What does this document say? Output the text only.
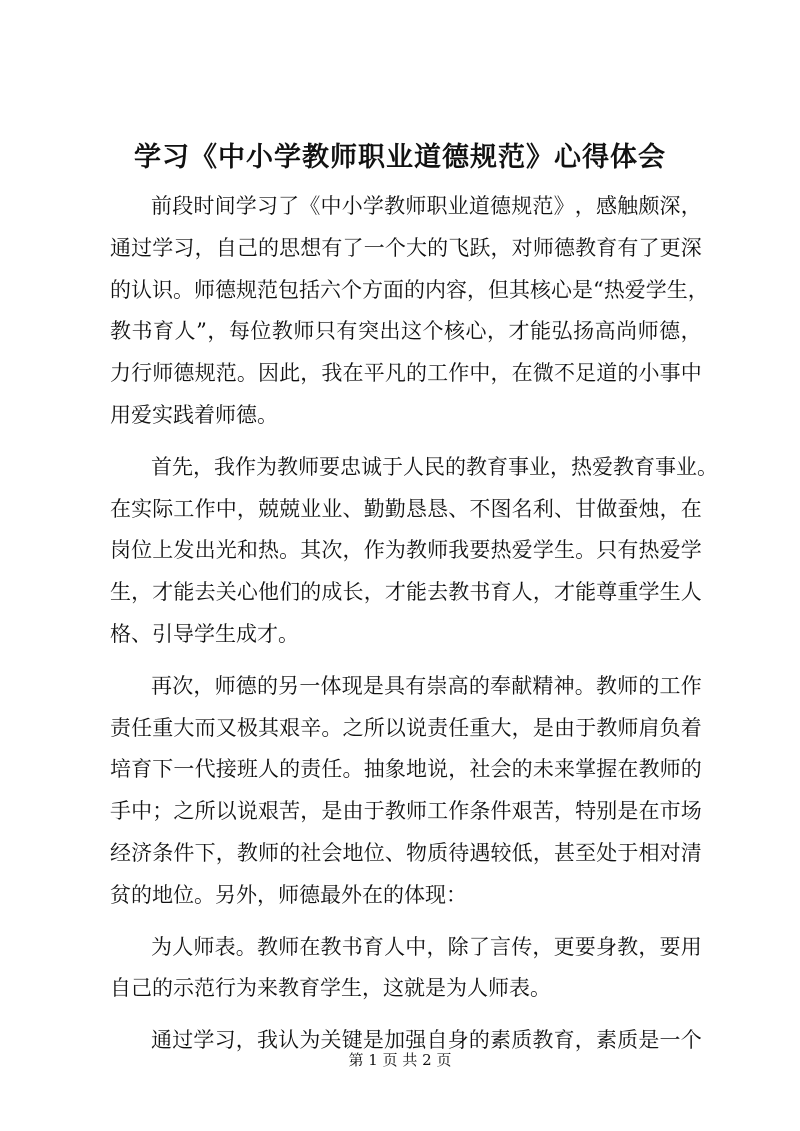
学习《中小学教师职业道德规范》心得体会
前 段 时 间 学 习 了 《 中 小 学 教 师 职 业 道 德 规 范 》 ， 感 触 颇 深 ，
通 过 学 习 ， 自 己 的 思 想 有 了 一 个 大 的 飞 跃 ， 对 师 德 教 育 有 了 更 深
的 认 识 。 师 德 规 范 包 括 六 个 方 面 的 内 容 ， 但 其 核 心 是 “ 热 爱 学 生 ，
教 书 育 人 ” ， 每 位 教 师 只 有 突 出 这 个 核 心 ， 才 能 弘 扬 高 尚 师 德 ，
力 行 师 德 规 范 。 因 此 ， 我 在 平 凡 的 工 作 中 ， 在 微 不 足 道 的 小 事 中
用爱实践着师德。
首 先 ， 我 作 为 教 师 要 忠 诚 于 人 民 的 教 育 事 业 ， 热 爱 教 育 事 业 。
在 实 际 工 作 中 ， 兢 兢 业 业 、 勤 勤 恳 恳 、 不 图 名 利 、 甘 做 蚕 烛 ， 在
岗 位 上 发 出 光 和 热 。 其 次 ， 作 为 教 师 我 要 热 爱 学 生 。 只 有 热 爱 学
生 ， 才 能 去 关 心 他 们 的 成 长 ， 才 能 去 教 书 育 人 ， 才 能 尊 重 学 生 人
格、引导学生成才。
再 次 ， 师 德 的 另 一 体 现 是 具 有 崇 高 的 奉 献 精 神 。 教 师 的 工 作
责 任 重 大 而 又 极 其 艰 辛 。 之 所 以 说 责 任 重 大 ， 是 由 于 教 师 肩 负 着
培 育 下 一 代 接 班 人 的 责 任 。 抽 象 地 说 ， 社 会 的 未 来 掌 握 在 教 师 的
手 中 ； 之 所 以 说 艰 苦 ， 是 由 于 教 师 工 作 条 件 艰 苦 ， 特 别 是 在 市 场
经 济 条 件 下 ， 教 师 的 社 会 地 位 、 物 质 待 遇 较 低 ， 甚 至 处 于 相 对 清
贫的地位。另外，师德最外在的体现：
为 人 师 表 。 教 师 在 教 书 育 人 中 ， 除 了 言 传 ， 更 要 身 教 ， 要 用
自己的示范行为来教育学生，这就是为人师表。
通 过 学 习 ， 我 认 为 关 键 是 加 强 自 身 的 素 质 教 育 ， 素 质 是 一 个
第 1 页 共 2 页
